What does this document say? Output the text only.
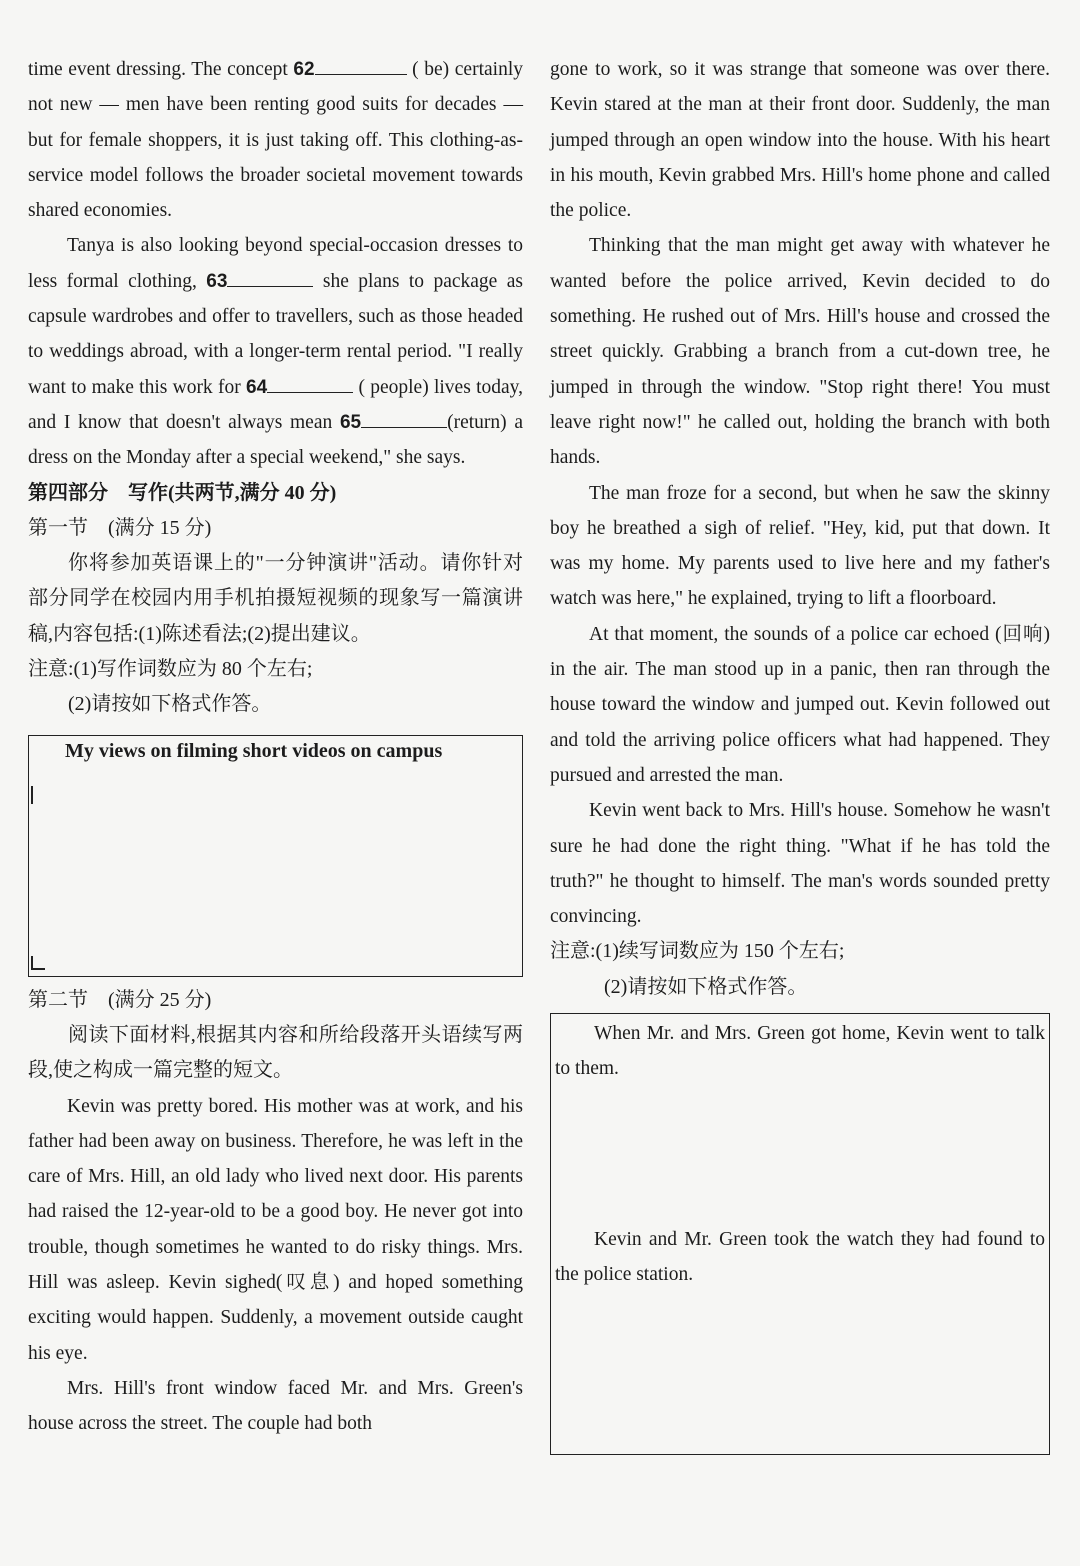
time event dressing. The concept 62	( be) certainly not new — men have been renting good suits for decades — but for female shoppers, it is just taking off. This clothing-as-service model follows the broader societal movement towards shared economies.

Tanya is also looking beyond special-occasion dresses to less formal clothing, 63	she plans to package as capsule wardrobes and offer to travellers, such as those headed to weddings abroad, with a longer-term rental period. "I really want to make this work for 64	( people) lives today, and I know that doesn't always mean 65	(return) a dress on the Monday after a special weekend," she says.

第四部分　写作(共两节,满分 40 分)

第一节　(满分 15 分)

你将参加英语课上的"一分钟演讲"活动。请你针对部分同学在校园内用手机拍摄短视频的现象写一篇演讲稿,内容包括:(1)陈述看法;(2)提出建议。

注意:(1)写作词数应为 80 个左右;

(2)请按如下格式作答。

My views on filming short videos on campus

第二节　(满分 25 分)

阅读下面材料,根据其内容和所给段落开头语续写两段,使之构成一篇完整的短文。

Kevin was pretty bored. His mother was at work, and his father had been away on business. Therefore, he was left in the care of Mrs. Hill, an old lady who lived next door. His parents had raised the 12-year-old to be a good boy. He never got into trouble, though sometimes he wanted to do risky things. Mrs. Hill was asleep. Kevin sighed(叹息) and hoped something exciting would happen. Suddenly, a movement outside caught his eye.

Mrs. Hill's front window faced Mr. and Mrs. Green's house across the street. The couple had both

gone to work, so it was strange that someone was over there. Kevin stared at the man at their front door. Suddenly, the man jumped through an open window into the house. With his heart in his mouth, Kevin grabbed Mrs. Hill's home phone and called the police.

Thinking that the man might get away with whatever he wanted before the police arrived, Kevin decided to do something. He rushed out of Mrs. Hill's house and crossed the street quickly. Grabbing a branch from a cut-down tree, he jumped in through the window. "Stop right there! You must leave right now!" he called out, holding the branch with both hands.

The man froze for a second, but when he saw the skinny boy he breathed a sigh of relief. "Hey, kid, put that down. It was my home. My parents used to live here and my father's watch was here," he explained, trying to lift a floorboard.

At that moment, the sounds of a police car echoed (回响) in the air. The man stood up in a panic, then ran through the house toward the window and jumped out. Kevin followed out and told the arriving police officers what had happened. They pursued and arrested the man.

Kevin went back to Mrs. Hill's house. Somehow he wasn't sure he had done the right thing. "What if he has told the truth?" he thought to himself. The man's words sounded pretty convincing.

注意:(1)续写词数应为 150 个左右;

(2)请按如下格式作答。

When Mr. and Mrs. Green got home, Kevin went to talk to them.

Kevin and Mr. Green took the watch they had found to the police station.
